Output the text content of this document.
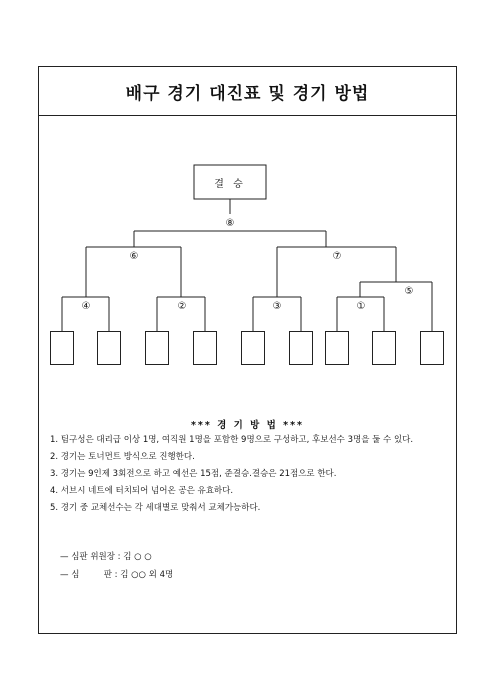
배구 경기 대진표 및 경기 방법
결 승
⑧
⑥	⑦
⑤
④	②	③	①
*** 경 기 방 법 ***
1. 팀구성은 대리급 이상 1명, 여직원 1명을 포함한 9명으로 구성하고, 후보선수 3명을 둘 수 있다.
2. 경기는 토너먼트 방식으로 진행한다.
3. 경기는 9인제 3회전으로 하고 예선은 15점, 준결승.결승은 21점으로 한다.
4. 서브시 네트에 터치되어 넘어온 공은 유효하다.
5. 경기 중 교체선수는 각 세대별로 맞춰서 교체가능하다.
— 심판 위원장 : 김 ○ ○
— 심         판 : 김 ○○ 외 4명
